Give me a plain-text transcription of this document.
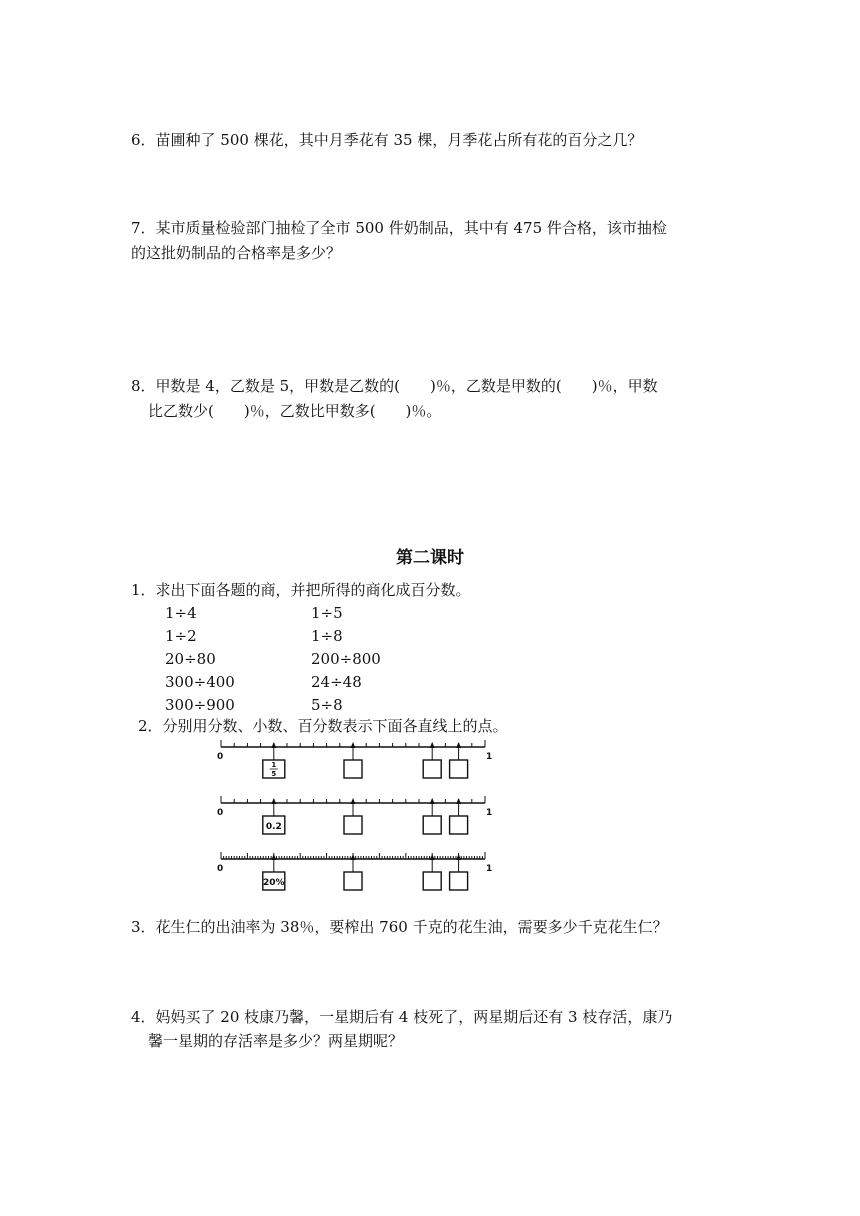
6．苗圃种了 500 棵花，其中月季花有 35 棵，月季花占所有花的百分之几？
7．某市质量检验部门抽检了全市 500 件奶制品，其中有 475 件合格，该市抽检
的这批奶制品的合格率是多少？
8．甲数是 4，乙数是 5，甲数是乙数的(　　)％，乙数是甲数的(　　)％，甲数
比乙数少(　　)％，乙数比甲数多(　　)％。
第二课时
1．求出下面各题的商，并把所得的商化成百分数。
1÷4	1÷5
1÷2	1÷8
20÷80	200÷800
300÷400	24÷48
300÷900	5÷8
2．分别用分数、小数、百分数表示下面各直线上的点。
0	1
1
5
0	1
0.2
0	1
20%
3．花生仁的出油率为 38％，要榨出 760 千克的花生油，需要多少千克花生仁？
4．妈妈买了 20 枝康乃馨，一星期后有 4 枝死了，两星期后还有 3 枝存活，康乃
馨一星期的存活率是多少？两星期呢？
